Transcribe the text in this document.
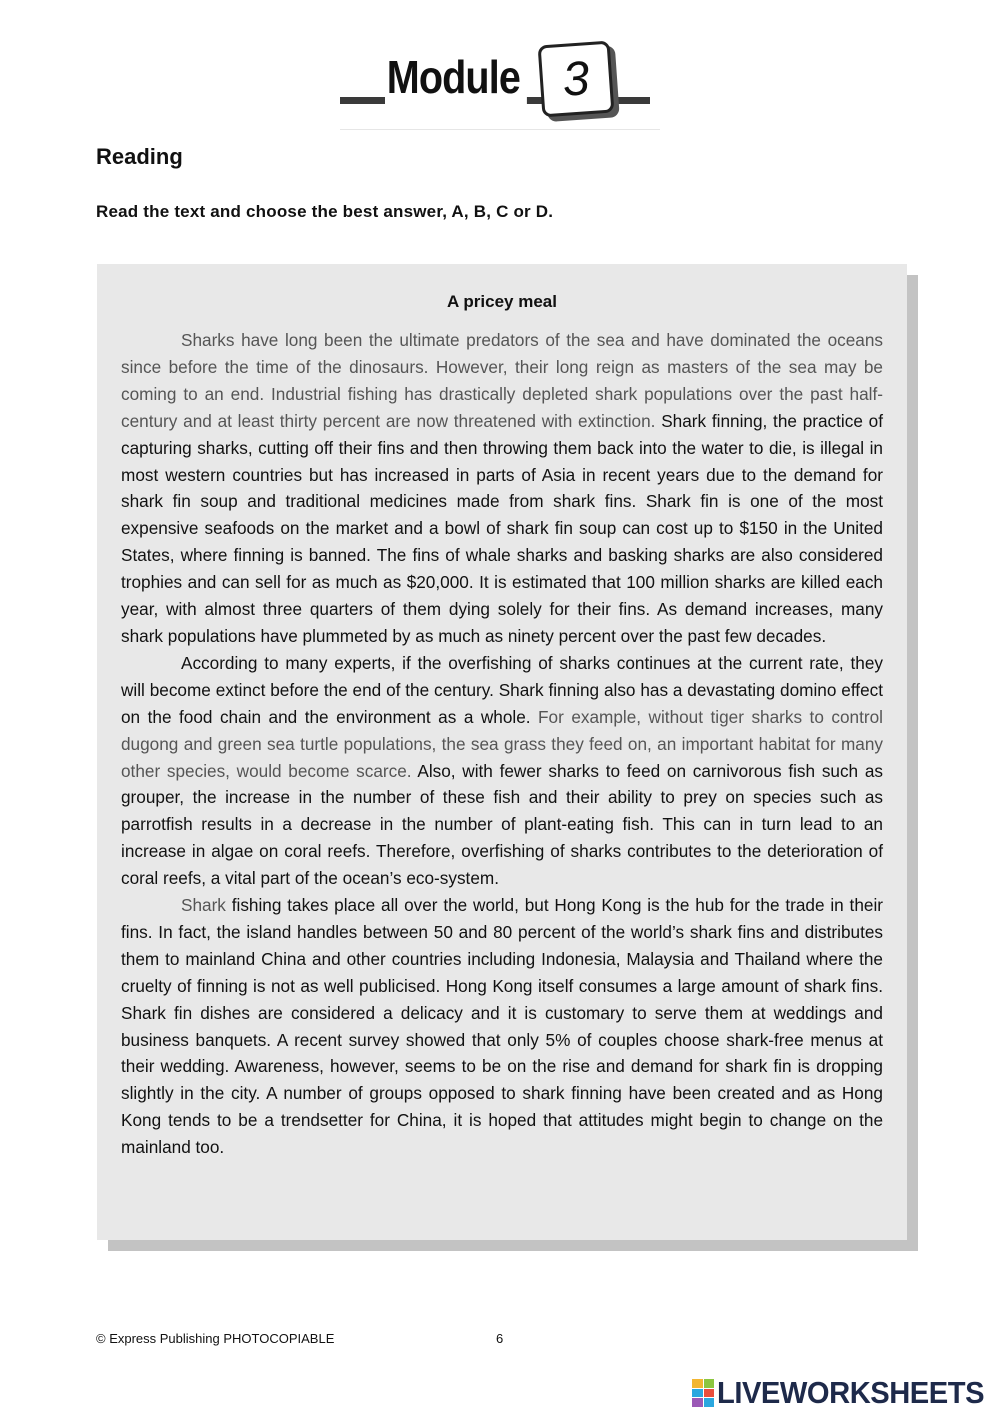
Module 3
Reading

Read the text and choose the best answer, A, B, C or D.

A pricey meal

Sharks have long been the ultimate predators of the sea and have dominated the oceans since before the time of the dinosaurs. However, their long reign as masters of the sea may be coming to an end. Industrial fishing has drastically depleted shark populations over the past half-century and at least thirty percent are now threatened with extinction. Shark finning, the practice of capturing sharks, cutting off their fins and then throwing them back into the water to die, is illegal in most western countries but has increased in parts of Asia in recent years due to the demand for shark fin soup and traditional medicines made from shark fins. Shark fin is one of the most expensive seafoods on the market and a bowl of shark fin soup can cost up to $150 in the United States, where finning is banned. The fins of whale sharks and basking sharks are also considered trophies and can sell for as much as $20,000. It is estimated that 100 million sharks are killed each year, with almost three quarters of them dying solely for their fins. As demand increases, many shark populations have plummeted by as much as ninety percent over the past few decades.

According to many experts, if the overfishing of sharks continues at the current rate, they will become extinct before the end of the century. Shark finning also has a devastating domino effect on the food chain and the environment as a whole. For example, without tiger sharks to control dugong and green sea turtle populations, the sea grass they feed on, an important habitat for many other species, would become scarce. Also, with fewer sharks to feed on carnivorous fish such as grouper, the increase in the number of these fish and their ability to prey on species such as parrotfish results in a decrease in the number of plant-eating fish. This can in turn lead to an increase in algae on coral reefs. Therefore, overfishing of sharks contributes to the deterioration of coral reefs, a vital part of the ocean’s eco-system.

Shark fishing takes place all over the world, but Hong Kong is the hub for the trade in their fins. In fact, the island handles between 50 and 80 percent of the world’s shark fins and distributes them to mainland China and other countries including Indonesia, Malaysia and Thailand where the cruelty of finning is not as well publicised. Hong Kong itself consumes a large amount of shark fins. Shark fin dishes are considered a delicacy and it is customary to serve them at weddings and business banquets. A recent survey showed that only 5% of couples choose shark-free menus at their wedding. Awareness, however, seems to be on the rise and demand for shark fin is dropping slightly in the city. A number of groups opposed to shark finning have been created and as Hong Kong tends to be a trendsetter for China, it is hoped that attitudes might begin to change on the mainland too.

© Express Publishing PHOTOCOPIABLE	6
LIVEWORKSHEETS
